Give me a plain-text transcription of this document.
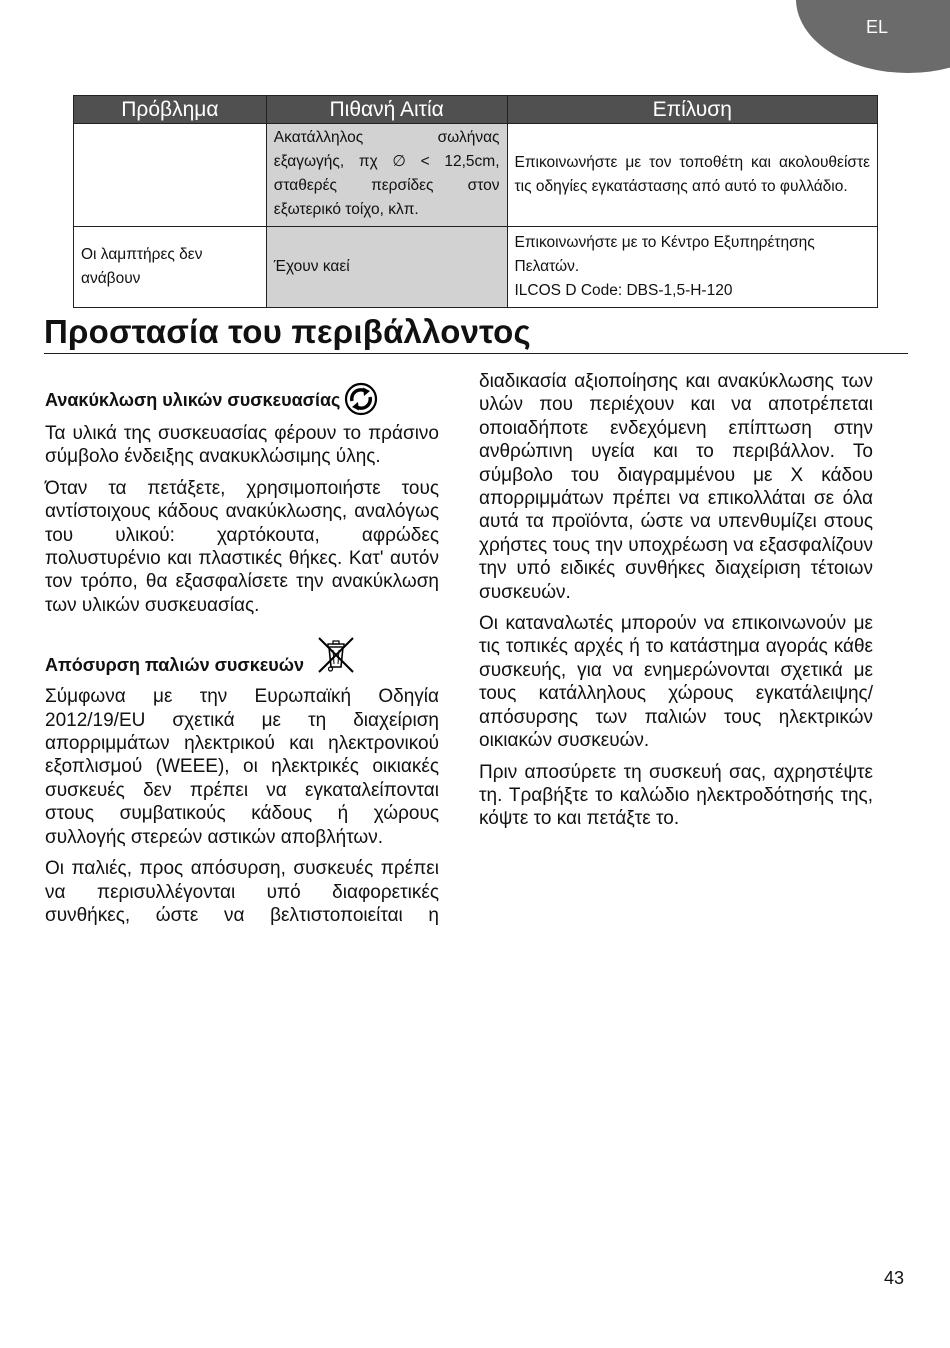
EL
Πρόβλημα	Πιθανή Αιτία	Επίλυση
	Ακατάλληλος σωλήνας εξαγωγής, πχ ∅ < 12,5cm, σταθερές περσίδες στον εξωτερικό τοίχο, κλπ.	Επικοινωνήστε με τον τοποθέτη και ακολουθείστε τις οδηγίες εγκατάστασης από αυτό το φυλλάδιο.
Οι λαμπτήρες δεν ανάβουν	Έχουν καεί	Επικοινωνήστε με το Κέντρο Εξυπηρέτησης Πελατών.
ILCOS D Code: DBS-1,5-H-120
Προστασία του περιβάλλοντος
Ανακύκλωση υλικών συσκευασίας

Τα υλικά της συσκευασίας φέρουν το πράσινο σύμβολο ένδειξης ανακυκλώσιμης ύλης.

Όταν τα πετάξετε, χρησιμοποιήστε τους αντίστοιχους κάδους ανακύκλωσης, αναλόγως του υλικού: χαρτόκουτα, αφρώδες πολυστυρένιο και πλαστικές θήκες. Κατ' αυτόν τον τρόπο, θα εξασφαλίσετε την ανακύκλωση των υλικών συσκευασίας.

Απόσυρση παλιών συσκευών

Σύμφωνα με την Ευρωπαϊκή Οδηγία 2012/19/EU σχετικά με τη διαχείριση απορριμμάτων ηλεκτρικού και ηλεκτρονικού εξοπλισμού (WEEE), οι ηλεκτρικές οικιακές συσκευές δεν πρέπει να εγκαταλείπονται στους συμβατικούς κάδους ή χώρους συλλογής στερεών αστικών αποβλήτων.

Οι παλιές, προς απόσυρση, συσκευές πρέπει να περισυλλέγονται υπό διαφορετικές συνθήκες, ώστε να βελτιστοποιείται η

διαδικασία αξιοποίησης και ανακύκλωσης των υλών που περιέχουν και να αποτρέπεται οποιαδήποτε ενδεχόμενη επίπτωση στην ανθρώπινη υγεία και το περιβάλλον. Το σύμβολο του διαγραμμένου με Χ κάδου απορριμμάτων πρέπει να επικολλάται σε όλα αυτά τα προϊόντα, ώστε να υπενθυμίζει στους χρήστες τους την υποχρέωση να εξασφαλίζουν την υπό ειδικές συνθήκες διαχείριση τέτοιων συσκευών.

Οι καταναλωτές μπορούν να επικοινωνούν με τις τοπικές αρχές ή το κατάστημα αγοράς κάθε συσκευής, για να ενημερώνονται σχετικά με τους κατάλληλους χώρους εγκατάλειψης/απόσυρσης των παλιών τους ηλεκτρικών οικιακών συσκευών.

Πριν αποσύρετε τη συσκευή σας, αχρηστέψτε τη. Τραβήξτε το καλώδιο ηλεκτροδότησής της, κόψτε το και πετάξτε το.

43
